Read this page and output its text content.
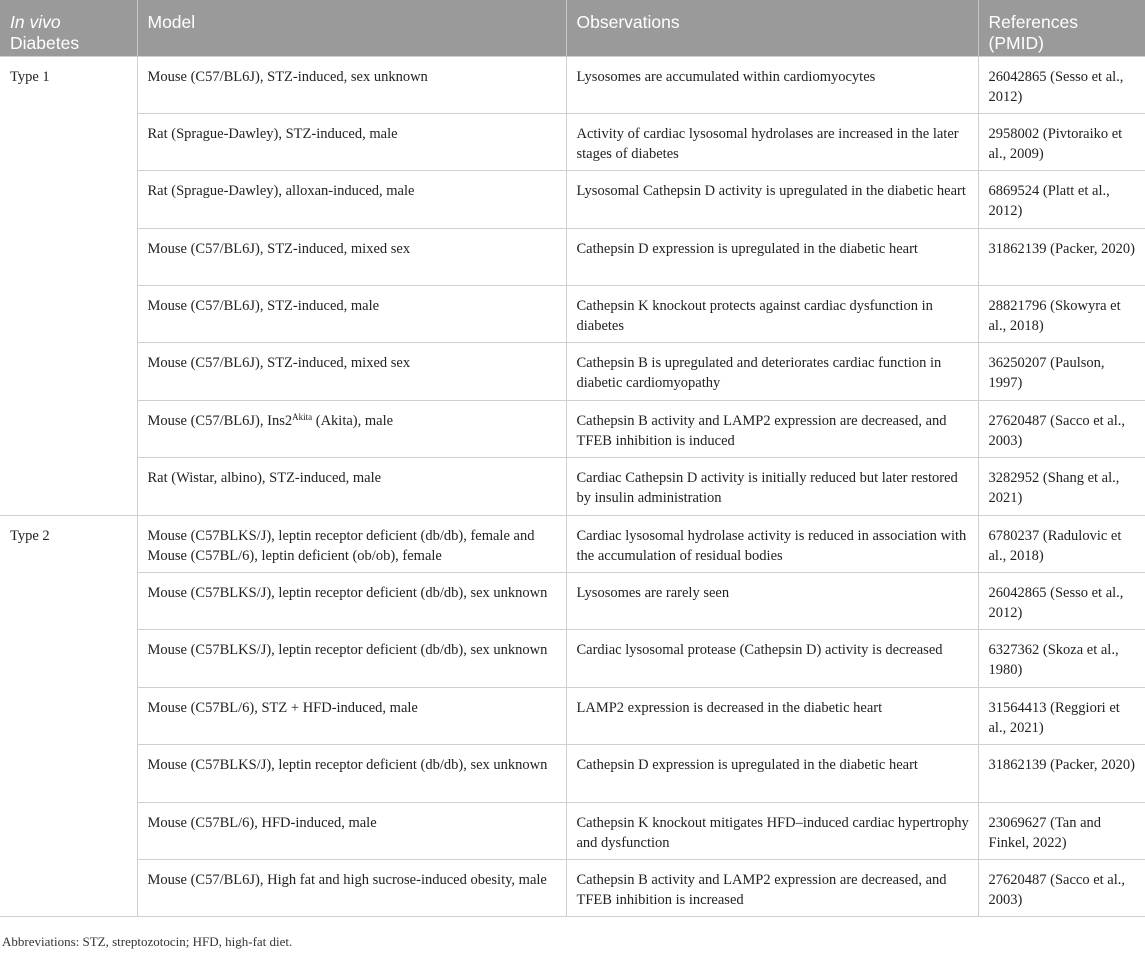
In vivo
Diabetes	Model	Observations	References (PMID)
Type 1	Mouse (C57/BL6J), STZ-induced, sex unknown	Lysosomes are accumulated within cardiomyocytes	26042865 (Sesso et al., 2012)
	Rat (Sprague-Dawley), STZ-induced, male	Activity of cardiac lysosomal hydrolases are increased in the later stages of diabetes	2958002 (Pivtoraiko et al., 2009)
	Rat (Sprague-Dawley), alloxan-induced, male	Lysosomal Cathepsin D activity is upregulated in the diabetic heart	6869524 (Platt et al., 2012)
	Mouse (C57/BL6J), STZ-induced, mixed sex	Cathepsin D expression is upregulated in the diabetic heart	31862139 (Packer, 2020)
	Mouse (C57/BL6J), STZ-induced, male	Cathepsin K knockout protects against cardiac dysfunction in diabetes	28821796 (Skowyra et al., 2018)
	Mouse (C57/BL6J), STZ-induced, mixed sex	Cathepsin B is upregulated and deteriorates cardiac function in diabetic cardiomyopathy	36250207 (Paulson, 1997)
	Mouse (C57/BL6J), $Ins2^{Akita}$ (Akita), male	Cathepsin B activity and LAMP2 expression are decreased, and TFEB inhibition is induced	27620487 (Sacco et al., 2003)
	Rat (Wistar, albino), STZ-induced, male	Cardiac Cathepsin D activity is initially reduced but later restored by insulin administration	3282952 (Shang et al., 2021)
Type 2	Mouse (C57BLKS/J), leptin receptor deficient (db/db), female and Mouse (C57BL/6), leptin deficient (ob/ob), female	Cardiac lysosomal hydrolase activity is reduced in association with the accumulation of residual bodies	6780237 (Radulovic et al., 2018)
	Mouse (C57BLKS/J), leptin receptor deficient (db/db), sex unknown	Lysosomes are rarely seen	26042865 (Sesso et al., 2012)
	Mouse (C57BLKS/J), leptin receptor deficient (db/db), sex unknown	Cardiac lysosomal protease (Cathepsin D) activity is decreased	6327362 (Skoza et al., 1980)
	Mouse (C57BL/6), STZ + HFD-induced, male	LAMP2 expression is decreased in the diabetic heart	31564413 (Reggiori et al., 2021)
	Mouse (C57BLKS/J), leptin receptor deficient (db/db), sex unknown	Cathepsin D expression is upregulated in the diabetic heart	31862139 (Packer, 2020)
	Mouse (C57BL/6), HFD-induced, male	Cathepsin K knockout mitigates HFD–induced cardiac hypertrophy and dysfunction	23069627 (Tan and Finkel, 2022)
	Mouse (C57/BL6J), High fat and high sucrose-induced obesity, male	Cathepsin B activity and LAMP2 expression are decreased, and TFEB inhibition is increased	27620487 (Sacco et al., 2003)
Abbreviations: STZ, streptozotocin; HFD, high-fat diet.
